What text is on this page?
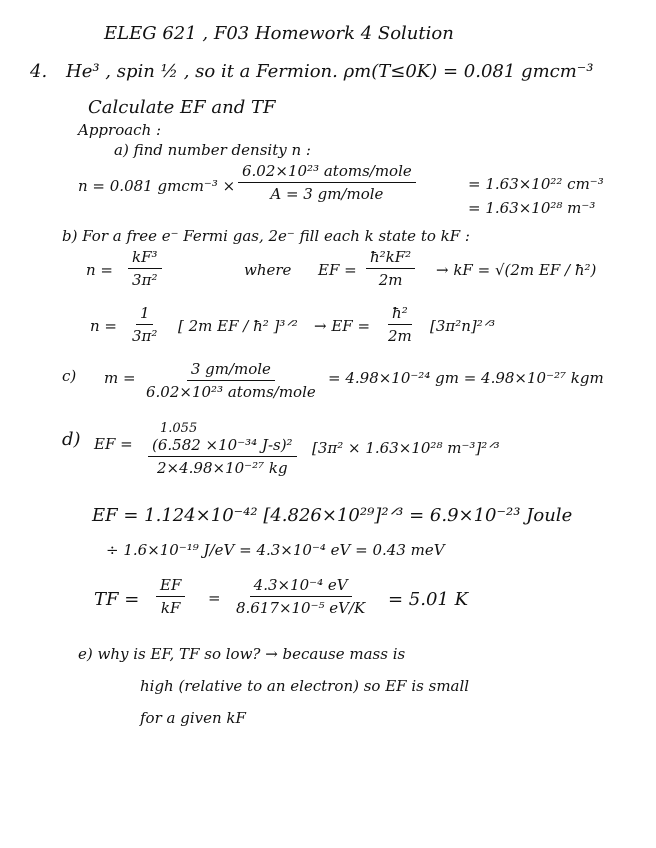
ELEG 621 , F03 Homework 4 Solution
4. He³ , spin ½ , so it a Fermion. ρm(T≤0K) = 0.081 gmcm⁻³
Calculate EF and TF
Approach :
a) find number density n :
n = 0.081 gmcm⁻³ ×
6.02×10²³ atoms/mole
A = 3 gm/mole
= 1.63×10²² cm⁻³
= 1.63×10²⁸ m⁻³
b) For a free e⁻ Fermi gas, 2e⁻ fill each k state to kF :
$n = \frac{\text{kF³}}{\text{3π²}}$	where EF = $\frac{\text{ħ²kF²}}{2m}$ → kF = √(2m EF / ħ²)
$n = \frac{1}{\text{3π²}}$ [ 2m EF / ħ² ]³ᐟ² → EF = $\frac{\text{ħ²}}{2m}$ [3π²n]²ᐟ³
c) m =	3 gm/mole
6.02×10²³ atoms/mole
= 4.98×10⁻²⁴ gm = 4.98×10⁻²⁷ kgm
d) EF =
1.055
$\frac{\text{(6.582 ×10⁻³⁴ J-s)²}}{\text{2×4.98×10⁻²⁷ kg}} [3\pi^2 \times 1.63\times 10^{28}$ m⁻³]²ᐟ³
EF = 1.124×10⁻⁴² [4.826×10²⁹]²ᐟ³ = 6.9×10⁻²³ Joule
÷ 1.6×10⁻¹⁹ J/eV = 4.3×10⁻⁴ eV = 0.43 meV
TF = $\frac{EF}{kF} = \frac{\text{4.3×10⁻⁴ eV}}{\text{8.617×10⁻⁵ eV/K}} = 5.01$ K
e) why is EF, TF so low? → because mass is
high (relative to an electron) so EF is small
for a given kF
